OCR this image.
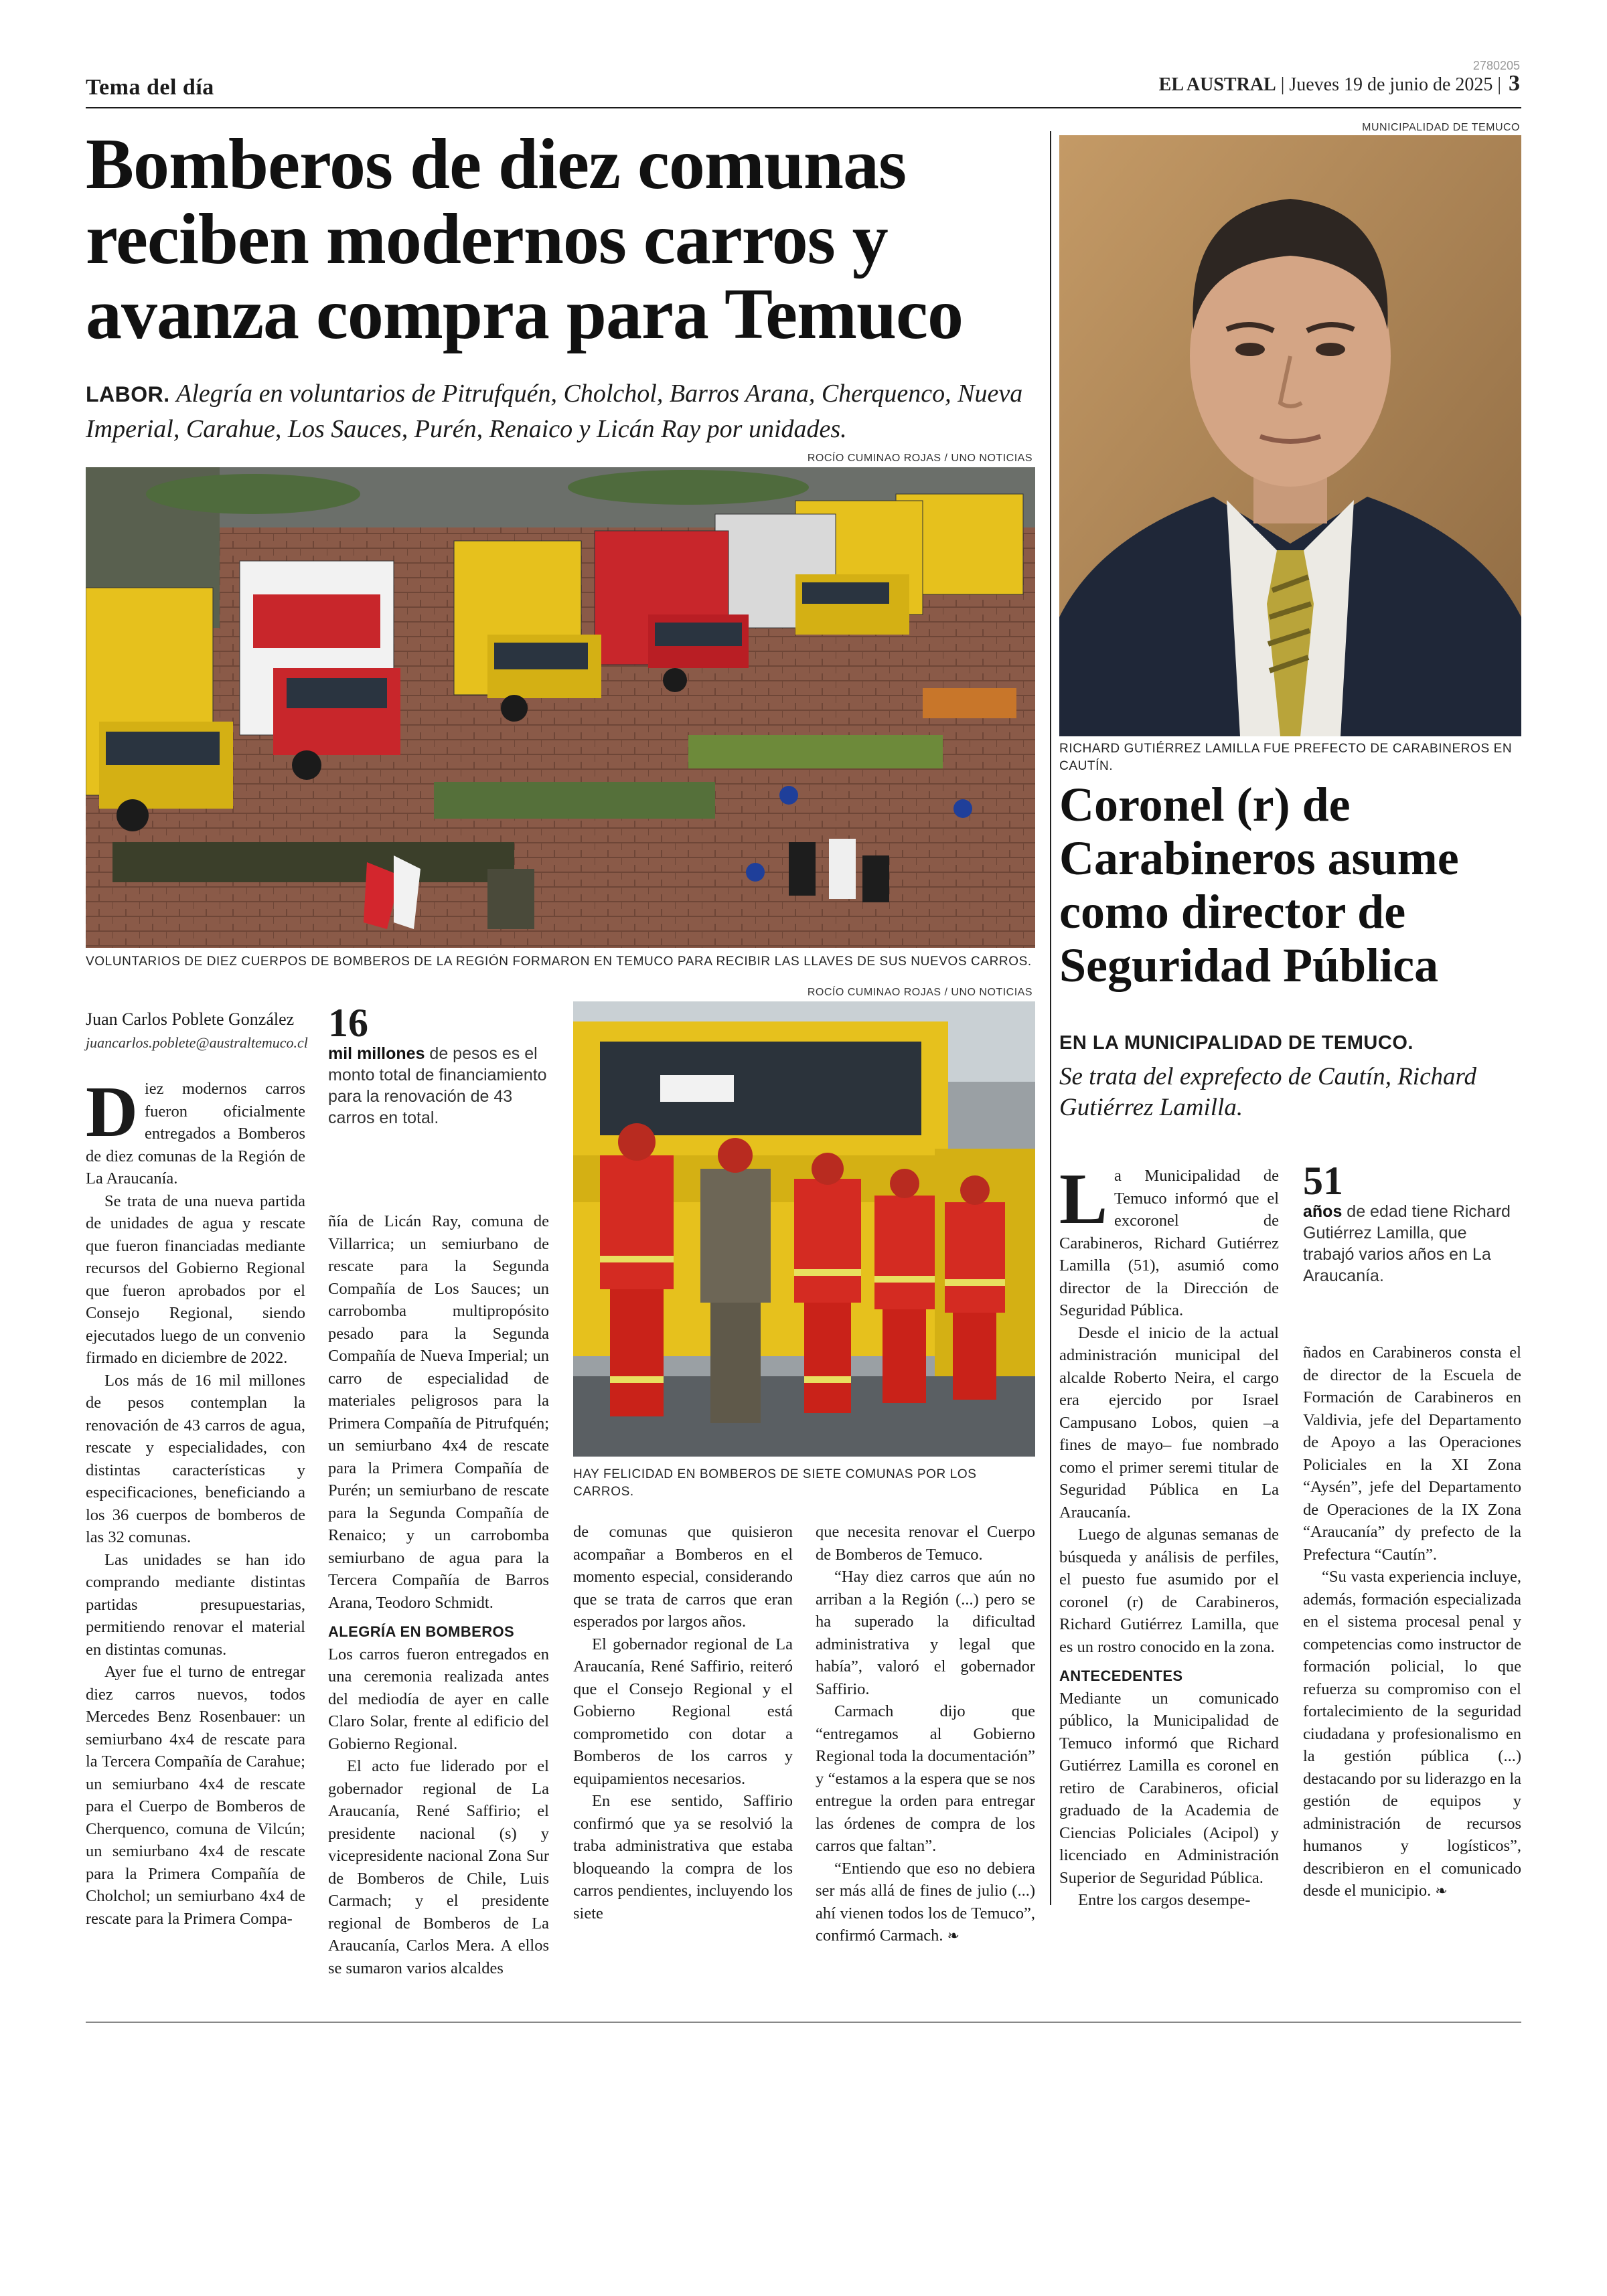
Tema del día	EL AUSTRAL | Jueves 19 de junio de 2025 | 3
2780205
Bomberos de diez comunas
reciben modernos carros y
avanza compra para Temuco
LABOR. Alegría en voluntarios de Pitrufquén, Cholchol, Barros Arana, Cherquenco, Nueva Imperial, Carahue, Los Sauces, Purén, Renaico y Licán Ray por unidades.
ROCÍO CUMINAO ROJAS / UNO NOTICIAS
VOLUNTARIOS DE DIEZ CUERPOS DE BOMBEROS DE LA REGIÓN FORMARON EN TEMUCO PARA RECIBIR LAS LLAVES DE SUS NUEVOS CARROS.
Juan Carlos Poblete González
juancarlos.poblete@australtemuco.cl 16
mil millones de pesos es el monto total de financiamiento para la renovación de 43 carros en total.
ROCÍO CUMINAO ROJAS / UNO NOTICIAS
HAY FELICIDAD EN BOMBEROS DE SIETE COMUNAS POR LOS CARROS.

Diez modernos carros fueron oficialmente entregados a Bomberos de diez comunas de la Región de La Araucanía.

Se trata de una nueva partida de unidades de agua y rescate que fueron financiadas mediante recursos del Gobierno Regional que fueron aprobados por el Consejo Regional, siendo ejecutados luego de un convenio firmado en diciembre de 2022.

Los más de 16 mil millones de pesos contemplan la renovación de 43 carros de agua, rescate y especialidades, con distintas características y especificaciones, beneficiando a los 36 cuerpos de bomberos de las 32 comunas.

Las unidades se han ido comprando mediante distintas partidas presupuestarias, permitiendo renovar el material en distintas comunas.

Ayer fue el turno de entregar diez carros nuevos, todos Mercedes Benz Rosenbauer: un semiurbano 4x4 de rescate para la Tercera Compañía de Carahue; un semiurbano 4x4 de rescate para el Cuerpo de Bomberos de Cherquenco, comuna de Vilcún; un semiurbano 4x4 de rescate para la Primera Compañía de Cholchol; un semiurbano 4x4 de rescate para la Primera Compa-

ñía de Licán Ray, comuna de Villarrica; un semiurbano de rescate para la Segunda Compañía de Los Sauces; un carrobomba multipropósito pesado para la Segunda Compañía de Nueva Imperial; un carro de especialidad de materiales peligrosos para la Primera Compañía de Pitrufquén; un semiurbano 4x4 de rescate para la Primera Compañía de Purén; un semiurbano de rescate para la Segunda Compañía de Renaico; y un carrobomba semiurbano de agua para la Tercera Compañía de Barros Arana, Teodoro Schmidt.

ALEGRÍA EN BOMBEROS

Los carros fueron entregados en una ceremonia realizada antes del mediodía de ayer en calle Claro Solar, frente al edificio del Gobierno Regional.

El acto fue liderado por el gobernador regional de La Araucanía, René Saffirio; el presidente nacional (s) y vicepresidente nacional Zona Sur de Bomberos de Chile, Luis Carmach; y el presidente regional de Bomberos de La Araucanía, Carlos Mera. A ellos se sumaron varios alcaldes

de comunas que quisieron acompañar a Bomberos en el momento especial, considerando que se trata de carros que eran esperados por largos años.

El gobernador regional de La Araucanía, René Saffirio, reiteró que el Consejo Regional y el Gobierno Regional está comprometido con dotar a Bomberos de los carros y equipamientos necesarios.

En ese sentido, Saffirio confirmó que ya se resolvió la traba administrativa que estaba bloqueando la compra de los carros pendientes, incluyendo los siete

que necesita renovar el Cuerpo de Bomberos de Temuco.

“Hay diez carros que aún no arriban a la Región (...) pero se ha superado la dificultad administrativa y legal que había”, valoró el gobernador Saffirio.

Carmach dijo que “entregamos al Gobierno Regional toda la documentación” y “estamos a la espera que se nos entregue la orden para entregar las órdenes de compra de los carros que faltan”.

“Entiendo que eso no debiera ser más allá de fines de julio (...) ahí vienen todos los de Temuco”, confirmó Carmach. ❧

MUNICIPALIDAD DE TEMUCO
RICHARD GUTIÉRREZ LAMILLA FUE PREFECTO DE CARABINEROS EN CAUTÍN.
Coronel (r) de
Carabineros asume
como director de
Seguridad Pública
EN LA MUNICIPALIDAD DE TEMUCO.
Se trata del exprefecto de Cautín, Richard Gutiérrez Lamilla.

La Municipalidad de Temuco informó que el excoronel de Carabineros, Richard Gutiérrez Lamilla (51), asumió como director de la Dirección de Seguridad Pública.

Desde el inicio de la actual administración municipal del alcalde Roberto Neira, el cargo era ejercido por Israel Campusano Lobos, quien –a fines de mayo– fue nombrado como el primer seremi titular de Seguridad Pública en La Araucanía.

Luego de algunas semanas de búsqueda y análisis de perfiles, el puesto fue asumido por el coronel (r) de Carabineros, Richard Gutiérrez Lamilla, que es un rostro conocido en la zona.

ANTECEDENTES

Mediante un comunicado público, la Municipalidad de Temuco informó que Richard Gutiérrez Lamilla es coronel en retiro de Carabineros, oficial graduado de la Academia de Ciencias Policiales (Acipol) y licenciado en Administración Superior de Seguridad Pública.

Entre los cargos desempe-

51
años de edad tiene Richard Gutiérrez Lamilla, que trabajó varios años en La Araucanía.

ñados en Carabineros consta el de director de la Escuela de Formación de Carabineros en Valdivia, jefe del Departamento de Apoyo a las Operaciones Policiales en la XI Zona “Aysén”, jefe del Departamento de Operaciones de la IX Zona “Araucanía” dy prefecto de la Prefectura “Cautín”.

“Su vasta experiencia incluye, además, formación especializada en el sistema procesal penal y competencias como instructor de formación policial, lo que refuerza su compromiso con el fortalecimiento de la seguridad ciudadana y profesionalismo en la gestión pública (...) destacando por su liderazgo en la gestión de equipos y administración de recursos humanos y logísticos”, describieron en el comunicado desde el municipio. ❧
